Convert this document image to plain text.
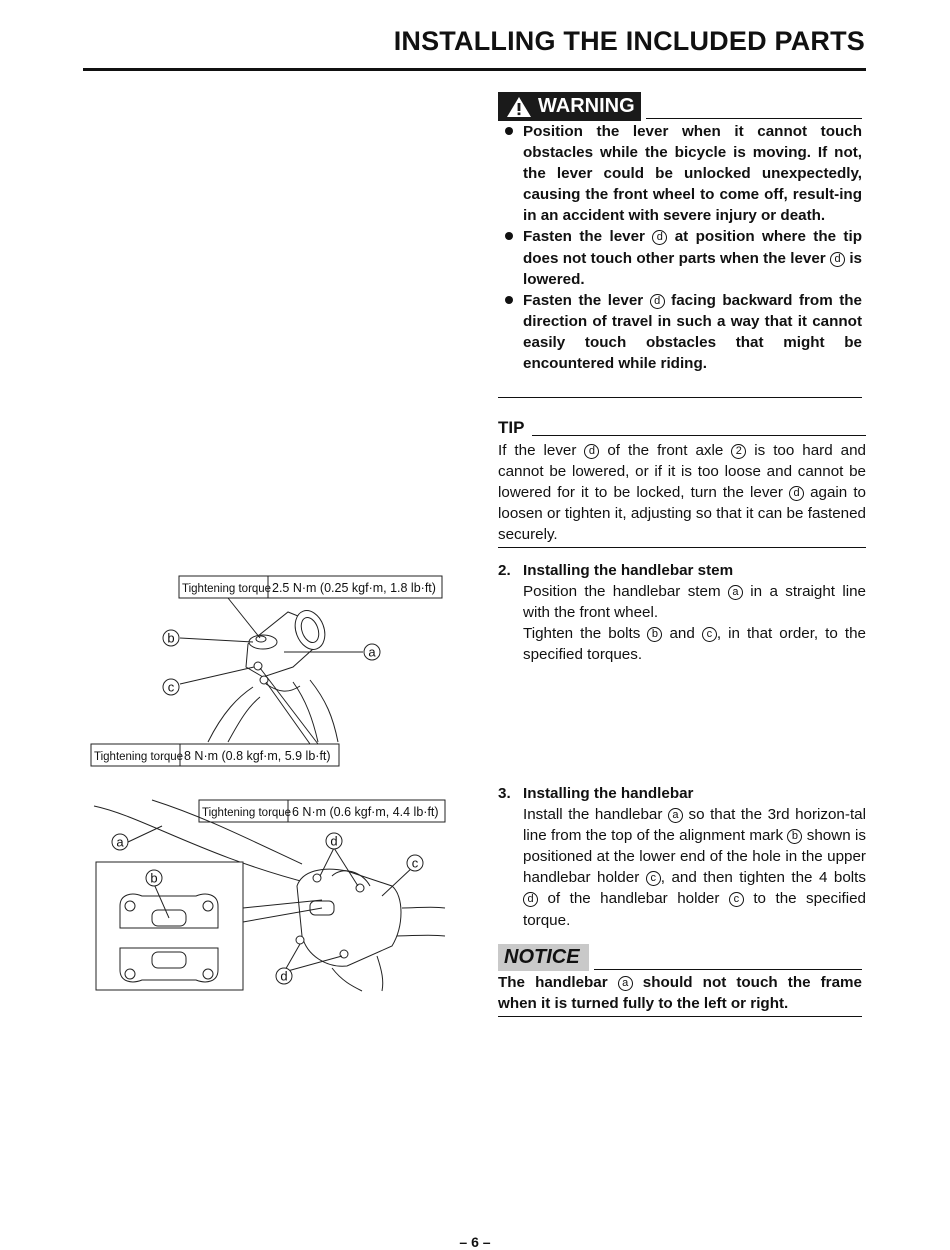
INSTALLING THE INCLUDED PARTS
WARNING
Position the lever when it cannot touch obstacles while the bicycle is moving. If not, the lever could be unlocked unexpectedly, causing the front wheel to come off, result-ing in an accident with severe injury or death.
Fasten the lever d at position where the tip does not touch other parts when the lever d is lowered.
Fasten the lever d facing backward from the direction of travel in such a way that it cannot easily touch obstacles that might be encountered while riding.
TIP

If the lever d of the front axle 2 is too hard and cannot be lowered, or if it is too loose and cannot be lowered for it to be locked, turn the lever d again to loosen or tighten it, adjusting so that it can be fastened securely.

2. Installing the handlebar stem
Position the handlebar stem a in a straight line with the front wheel.
Tighten the bolts b and c , in that order, to the specified torques.
3. Installing the handlebar
Install the handlebar a so that the 3rd horizon-tal line from the top of the alignment mark b shown is positioned at the lower end of the hole in the upper handlebar holder c , and then tighten the 4 bolts d of the handlebar holder c to the specified torque.
NOTICE

The handlebar a should not touch the frame when it is turned fully to the left or right.

Tightening torque 2.5 N·m (0.25 kgf·m, 1.8 lb·ft)
Tightening torque 8 N·m (0.8 kgf·m, 5.9 lb·ft)
b
c
a
Tightening torque 6 N·m (0.6 kgf·m, 4.4 lb·ft)
a
b
d
c
d
– 6 –
